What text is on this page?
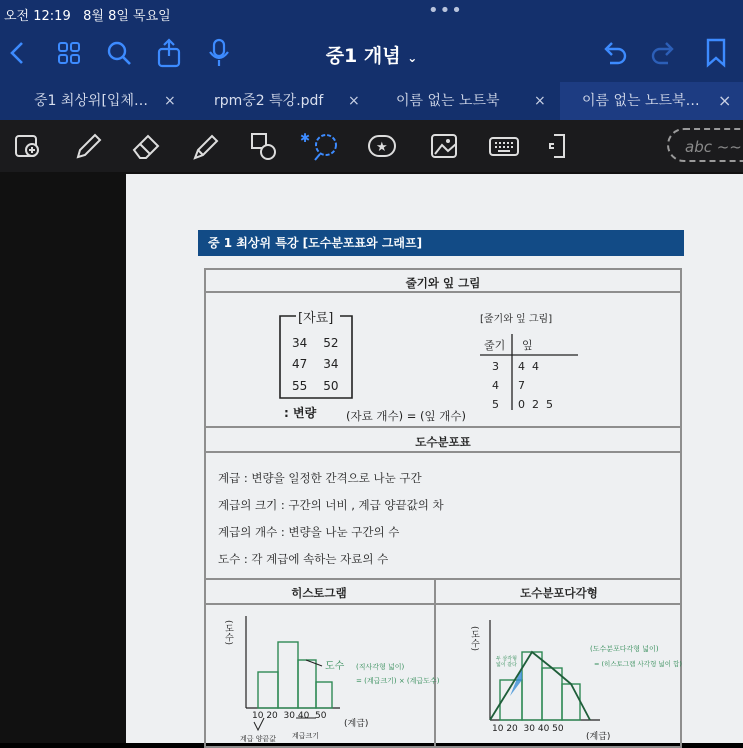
오전 12:19 8월 8일 목요일	•••
중1 개념 ⌄
중1 최상위[입체… ×	rpm중2 특강.pdf ×	이름 없는 노트북 ×	이름 없는 노트북… ×
✱
★	abc ~~
중 1 최상위 특강 [도수분포표와 그래프]
줄기와 잎 그림
[자료]
34 52
47 34
55 50
: 변량	(자료 개수) = (잎 개수)
[줄기와 잎 그림]
줄기 잎
3 4  4
4 7
5 0  2  5
도수분포표
계급 : 변량을 일정한 간격으로 나눈 구간
계급의 크기 : 구간의 너비 , 계급 양끝값의 차
계급의 개수 : 변량을 나눈 구간의 수
도수 : 각 계급에 속하는 자료의 수
히스토그램	도수분포다각형
(도수)
도수 (직사각형 넓이)
= (계급크기) × (계급도수)
(계급)
10 20 30 40 50
계급 양끝값 계급크기
(도수)
두 삼각형 넓이 같다
(도수분포다각형 넓이)
= (히스토그램 사각형 넓이 합)
10 20 30 40 50
(계급)
